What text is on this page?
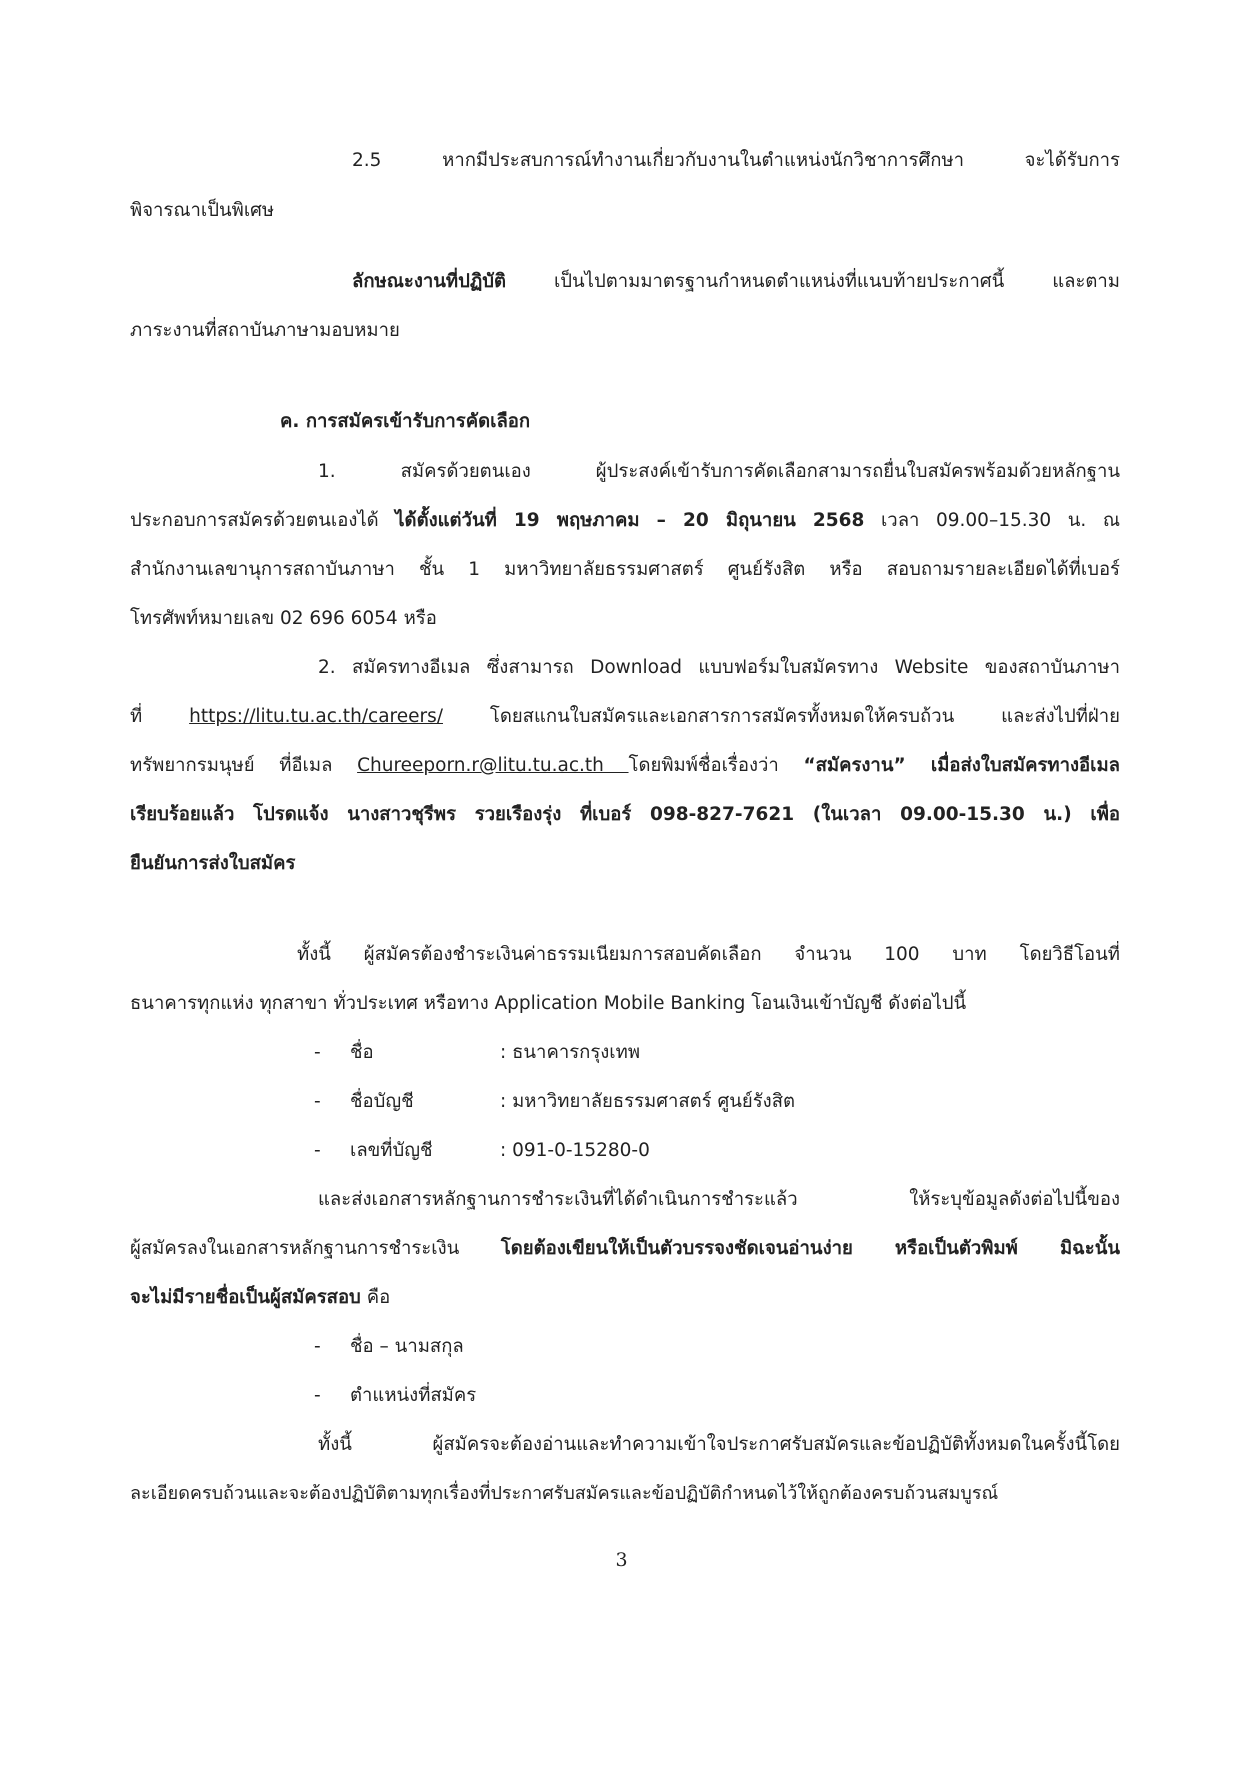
2.5 หากมีประสบการณ์ทำงานเกี่ยวกับงานในตำแหน่งนักวิชาการศึกษา จะได้รับการ
พิจารณาเป็นพิเศษ
ลักษณะงานที่ปฏิบัติ เป็นไปตามมาตรฐานกำหนดตำแหน่งที่แนบท้ายประกาศนี้ และตาม
ภาระงานที่สถาบันภาษามอบหมาย
ค. การสมัครเข้ารับการคัดเลือก
1. สมัครด้วยตนเอง ผู้ประสงค์เข้ารับการคัดเลือกสามารถยื่นใบสมัครพร้อมด้วยหลักฐาน
ประกอบการสมัครด้วยตนเองได้ ได้ตั้งแต่วันที่ 19 พฤษภาคม – 20 มิถุนายน 2568 เวลา 09.00–15.30 น. ณ
สำนักงานเลขานุการสถาบันภาษา ชั้น 1 มหาวิทยาลัยธรรมศาสตร์ ศูนย์รังสิต หรือ สอบถามรายละเอียดได้ที่เบอร์
โทรศัพท์หมายเลข 02 696 6054 หรือ
2. สมัครทางอีเมล ซึ่งสามารถ Download แบบฟอร์มใบสมัครทาง Website ของสถาบันภาษา
ที่ https://litu.tu.ac.th/careers/ โดยสแกนใบสมัครและเอกสารการสมัครทั้งหมดให้ครบถ้วน และส่งไปที่ฝ่าย
ทรัพยากรมนุษย์ ที่อีเมล Chureeporn.r@litu.tu.ac.th โดยพิมพ์ชื่อเรื่องว่า “สมัครงาน” เมื่อส่งใบสมัครทางอีเมล
เรียบร้อยแล้ว โปรดแจ้ง นางสาวชุรีพร รวยเรืองรุ่ง ที่เบอร์ 098-827-7621 (ในเวลา 09.00-15.30 น.) เพื่อ
ยืนยันการส่งใบสมัคร
ทั้งนี้ ผู้สมัครต้องชำระเงินค่าธรรมเนียมการสอบคัดเลือก จำนวน 100 บาท โดยวิธีโอนที่
ธนาคารทุกแห่ง ทุกสาขา ทั่วประเทศ หรือทาง Application Mobile Banking โอนเงินเข้าบัญชี ดังต่อไปนี้
- ชื่อ	: ธนาคารกรุงเทพ
- ชื่อบัญชี	: มหาวิทยาลัยธรรมศาสตร์ ศูนย์รังสิต
- เลขที่บัญชี	: 091-0-15280-0
และส่งเอกสารหลักฐานการชำระเงินที่ได้ดำเนินการชำระแล้ว ให้ระบุข้อมูลดังต่อไปนี้ของ
ผู้สมัครลงในเอกสารหลักฐานการชำระเงิน โดยต้องเขียนให้เป็นตัวบรรจงชัดเจนอ่านง่าย หรือเป็นตัวพิมพ์ มิฉะนั้น
จะไม่มีรายชื่อเป็นผู้สมัครสอบ คือ
- ชื่อ – นามสกุล
- ตำแหน่งที่สมัคร
ทั้งนี้ ผู้สมัครจะต้องอ่านและทำความเข้าใจประกาศรับสมัครและข้อปฏิบัติทั้งหมดในครั้งนี้โดย
ละเอียดครบถ้วนและจะต้องปฏิบัติตามทุกเรื่องที่ประกาศรับสมัครและข้อปฏิบัติกำหนดไว้ให้ถูกต้องครบถ้วนสมบูรณ์
3
